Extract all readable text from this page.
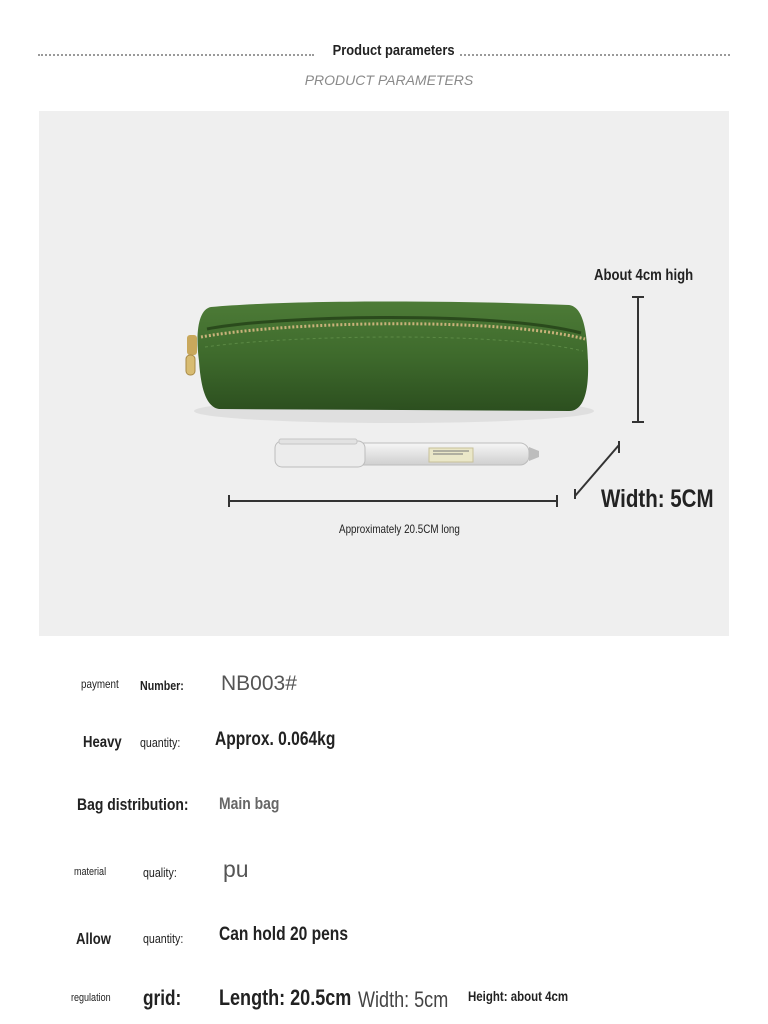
Product parameters
PRODUCT PARAMETERS
About 4cm high
Approximately 20.5CM long
Width: 5CM
payment Number: NB003#
Heavy quantity: Approx. 0.064kg
Bag distribution: Main bag
material	quality: pu
Allow quantity: Can hold 20 pens
regulation grid: Length: 20.5cm Width: 5cm Height: about 4cm
